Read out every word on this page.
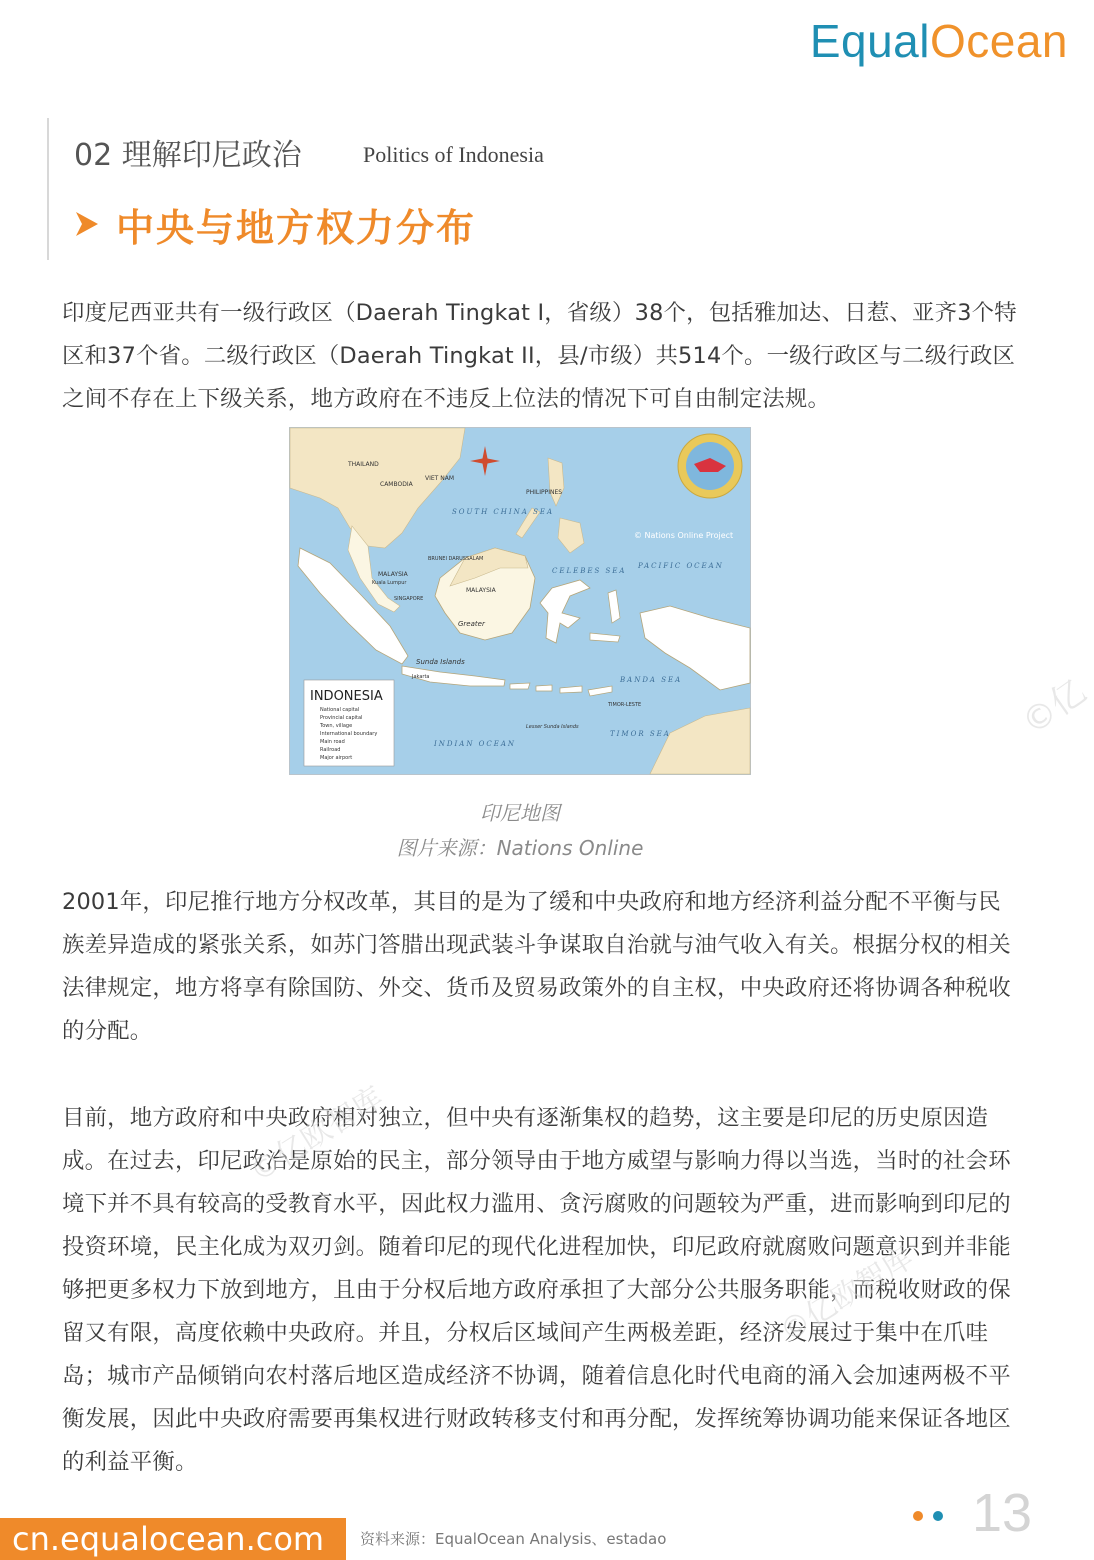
EqualOcean
02 理解印尼政治	Politics of Indonesia
中央与地方权力分布
印度尼西亚共有一级行政区（Daerah Tingkat I，省级）38个，包括雅加达、日惹、亚齐3个特区和37个省。二级行政区（Daerah Tingkat II，县/市级）共514个。一级行政区与二级行政区之间不存在上下级关系，地方政府在不违反上位法的情况下可自由制定法规。
INDONESIA
National capital
Provincial capital
Town, village
International boundary
Main road
Railroad
Major airport
THAILAND
CAMBODIA
VIET NAM
PHILIPPINES
MALAYSIA
MALAYSIA
BRUNEI DARUSSALAM
SINGAPORE
Kuala Lumpur
Greater
Sunda Islands
Jakarta
TIMOR-LESTE
Lesser Sunda Islands
SOUTH CHINA SEA
PACIFIC OCEAN
INDIAN OCEAN
CELEBES SEA
BANDA SEA
TIMOR SEA
© Nations Online Project
印尼地图
图片来源：Nations Online
2001年，印尼推行地方分权改革，其目的是为了缓和中央政府和地方经济利益分配不平衡与民族差异造成的紧张关系，如苏门答腊出现武装斗争谋取自治就与油气收入有关。根据分权的相关法律规定，地方将享有除国防、外交、货币及贸易政策外的自主权，中央政府还将协调各种税收的分配。
目前，地方政府和中央政府相对独立，但中央有逐渐集权的趋势，这主要是印尼的历史原因造成。在过去，印尼政治是原始的民主，部分领导由于地方威望与影响力得以当选，当时的社会环境下并不具有较高的受教育水平，因此权力滥用、贪污腐败的问题较为严重，进而影响到印尼的投资环境，民主化成为双刃剑。随着印尼的现代化进程加快，印尼政府就腐败问题意识到并非能够把更多权力下放到地方，且由于分权后地方政府承担了大部分公共服务职能，而税收财政的保留又有限，高度依赖中央政府。并且，分权后区域间产生两极差距，经济发展过于集中在爪哇岛；城市产品倾销向农村落后地区造成经济不协调，随着信息化时代电商的涌入会加速两极不平衡发展，因此中央政府需要再集权进行财政转移支付和再分配，发挥统筹协调功能来保证各地区的利益平衡。
©亿
©亿欧智库
©亿欧智库
cn.equalocean.com	资料来源：EqualOcean Analysis、estadao	13
